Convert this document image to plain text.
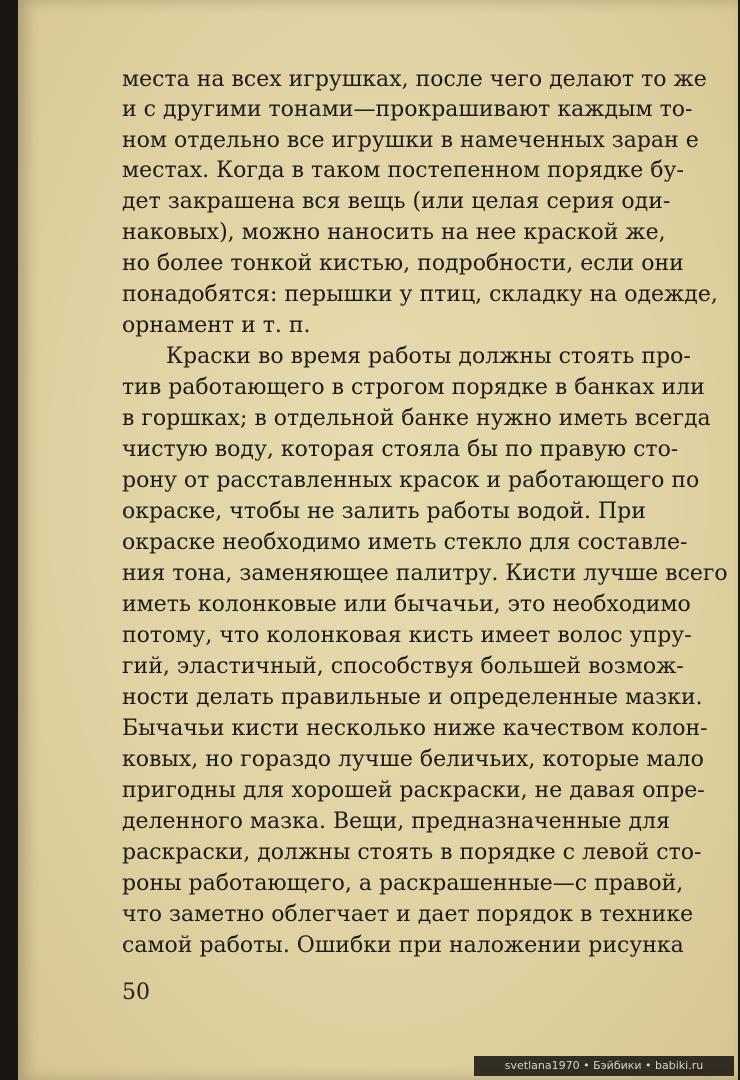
места на всех игрушках, после чего делают то же
и с другими тонами—прокрашивают каждым то-
ном отдельно все игрушки в намеченных заран е
местах. Когда в таком постепенном порядке бу-
дет закрашена вся вещь (или целая серия оди-
наковых), можно наносить на нее краской же,
но более тонкой кистью, подробности, если они
понадобятся: перышки у птиц, складку на одежде,
орнамент и т. п.
Краски во время работы должны стоять про-
тив работающего в строгом порядке в банках или
в горшках; в отдельной банке нужно иметь всегда
чистую воду, которая стояла бы по правую сто-
рону от расставленных красок и работающего по
окраске, чтобы не залить работы водой. При
окраске необходимо иметь стекло для составле-
ния тона, заменяющее палитру. Кисти лучше всего
иметь колонковые или бычачьи, это необходимо
потому, что колонковая кисть имеет волос упру-
гий, эластичный, способствуя большей возмож-
ности делать правильные и определенные мазки.
Бычачьи кисти несколько ниже качеством колон-
ковых, но гораздо лучше беличьих, которые мало
пригодны для хорошей раскраски, не давая опре-
деленного мазка. Вещи, предназначенные для
раскраски, должны стоять в порядке с левой сто-
роны работающего, а раскрашенные—с правой,
что заметно облегчает и дает порядок в технике
самой работы. Ошибки при наложении рисунка
50
svetlana1970 • Бэйбики • babiki.ru
